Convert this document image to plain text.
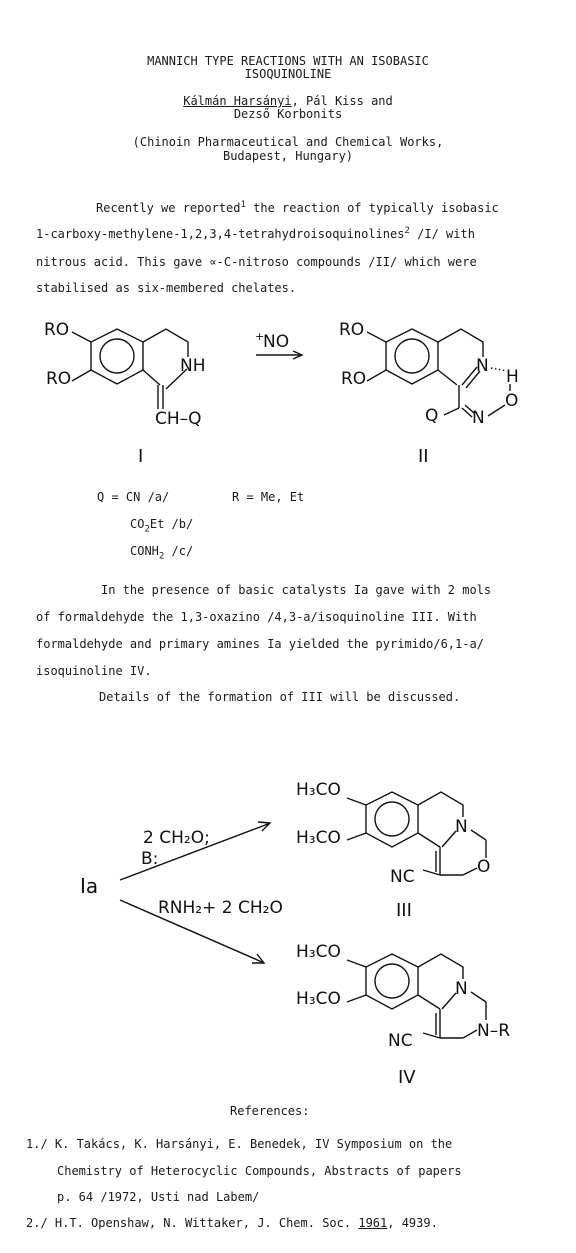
MANNICH TYPE REACTIONS WITH AN ISOBASIC
ISOQUINOLINE
Kálmán Harsányi, Pál Kiss and
Dezső Korbonits
(Chinoin Pharmaceutical and Chemical Works,
Budapest, Hungary)
Recently we reported$^1$ the reaction of typically isobasic
1-carboxy-methylene-1,2,3,4-tetrahydroisoquinolines$^2$ /I/ with
nitrous acid. This gave ∝-C-nitroso compounds /II/ which were
stabilised as six-membered chelates.
RO
RO
NH
CH–Q
I
+
NO
RO
RO
N
H
O
N
Q
II
Q = CN /a/	R = Me, Et
$CO_2Et$ /b/
$CONH_2$ /c/
In the presence of basic catalysts Ia gave with 2 mols
of formaldehyde the 1,3-oxazino /4,3-a/isoquinoline III. With
formaldehyde and primary amines Ia yielded the pyrimido/6,1-a/
isoquinoline IV.
Details of the formation of III will be discussed.
Ia
2 CH₂O;
B:
RNH₂+ 2 CH₂O
H₃CO
H₃CO
N
O
NC
III
H₃CO
H₃CO	N
N–R
NC
IV
References:
1./ K. Takács, K. Harsányi, E. Benedek, IV Symposium on the
Chemistry of Heterocyclic Compounds, Abstracts of papers
p. 64 /1972, Usti nad Labem/
2./ H.T. Openshaw, N. Wittaker, J. Chem. Soc. 1961, 4939.
